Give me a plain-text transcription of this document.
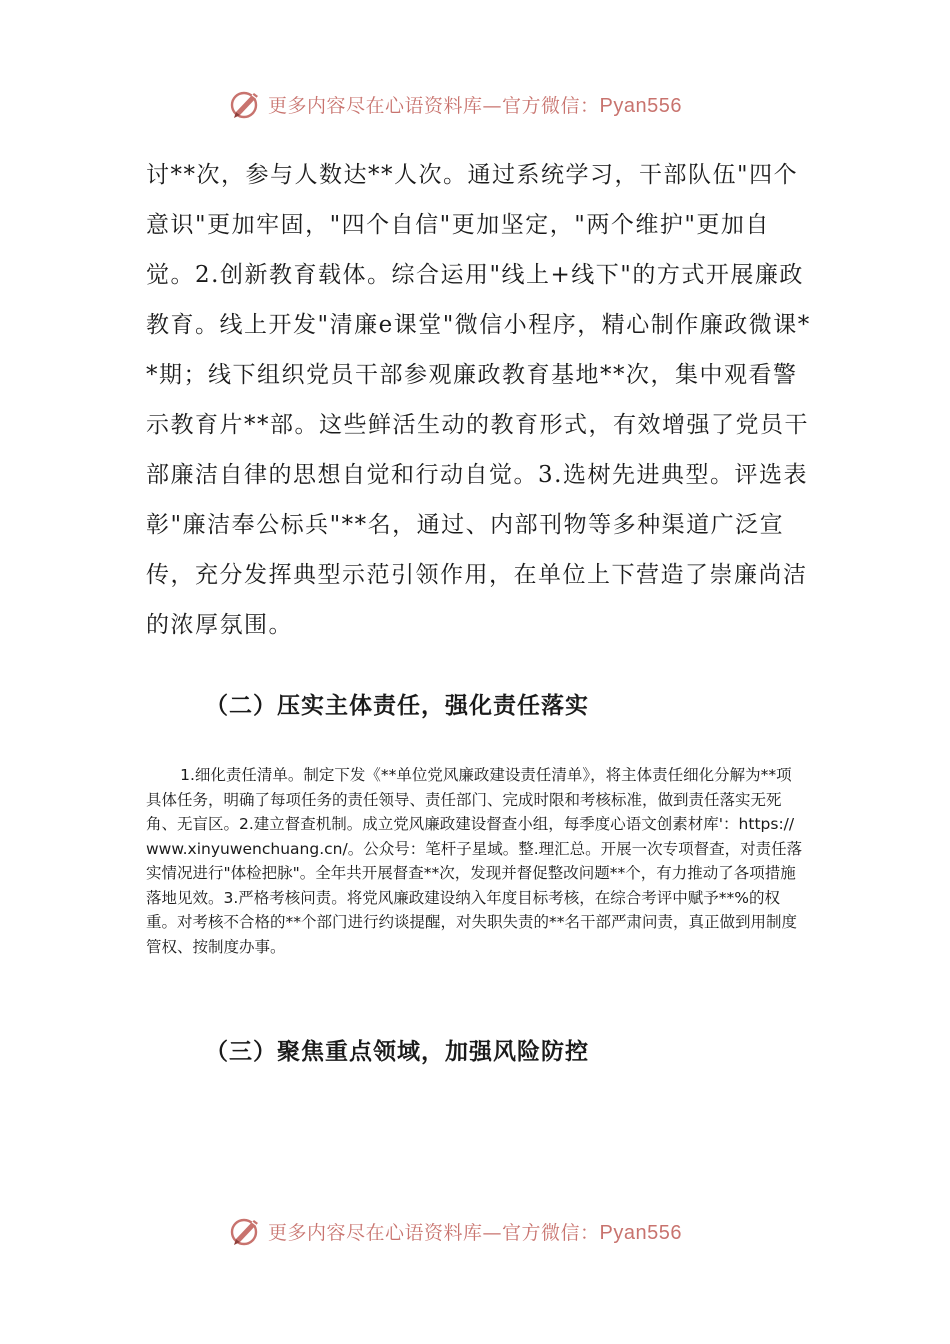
更多内容尽在心语资料库—官方微信：Pyan556

讨**次，参与人数达**人次。通过系统学习，干部队伍"四个意识"更加牢固，"四个自信"更加坚定，"两个维护"更加自觉。2.创新教育载体。综合运用"线上+线下"的方式开展廉政教育。线上开发"清廉e课堂"微信小程序，精心制作廉政微课**期；线下组织党员干部参观廉政教育基地**次，集中观看警示教育片**部。这些鲜活生动的教育形式，有效增强了党员干部廉洁自律的思想自觉和行动自觉。3.选树先进典型。评选表彰"廉洁奉公标兵"**名，通过、内部刊物等多种渠道广泛宣传，充分发挥典型示范引领作用，在单位上下营造了崇廉尚洁的浓厚氛围。

（二）压实主体责任，强化责任落实

1.细化责任清单。制定下发《**单位党风廉政建设责任清单》，将主体责任细化分解为**项具体任务，明确了每项任务的责任领导、责任部门、完成时限和考核标准，做到责任落实无死角、无盲区。2.建立督查机制。成立党风廉政建设督查小组，每季度心语文创素材库'：https://www.xinyuwenchuang.cn/。公众号：笔杆子星域。整.理汇总。开展一次专项督查，对责任落实情况进行"体检把脉"。全年共开展督查**次，发现并督促整改问题**个，有力推动了各项措施落地见效。3.严格考核问责。将党风廉政建设纳入年度目标考核，在综合考评中赋予**%的权重。对考核不合格的**个部门进行约谈提醒，对失职失责的**名干部严肃问责，真正做到用制度管权、按制度办事。

（三）聚焦重点领域，加强风险防控
更多内容尽在心语资料库—官方微信：Pyan556
